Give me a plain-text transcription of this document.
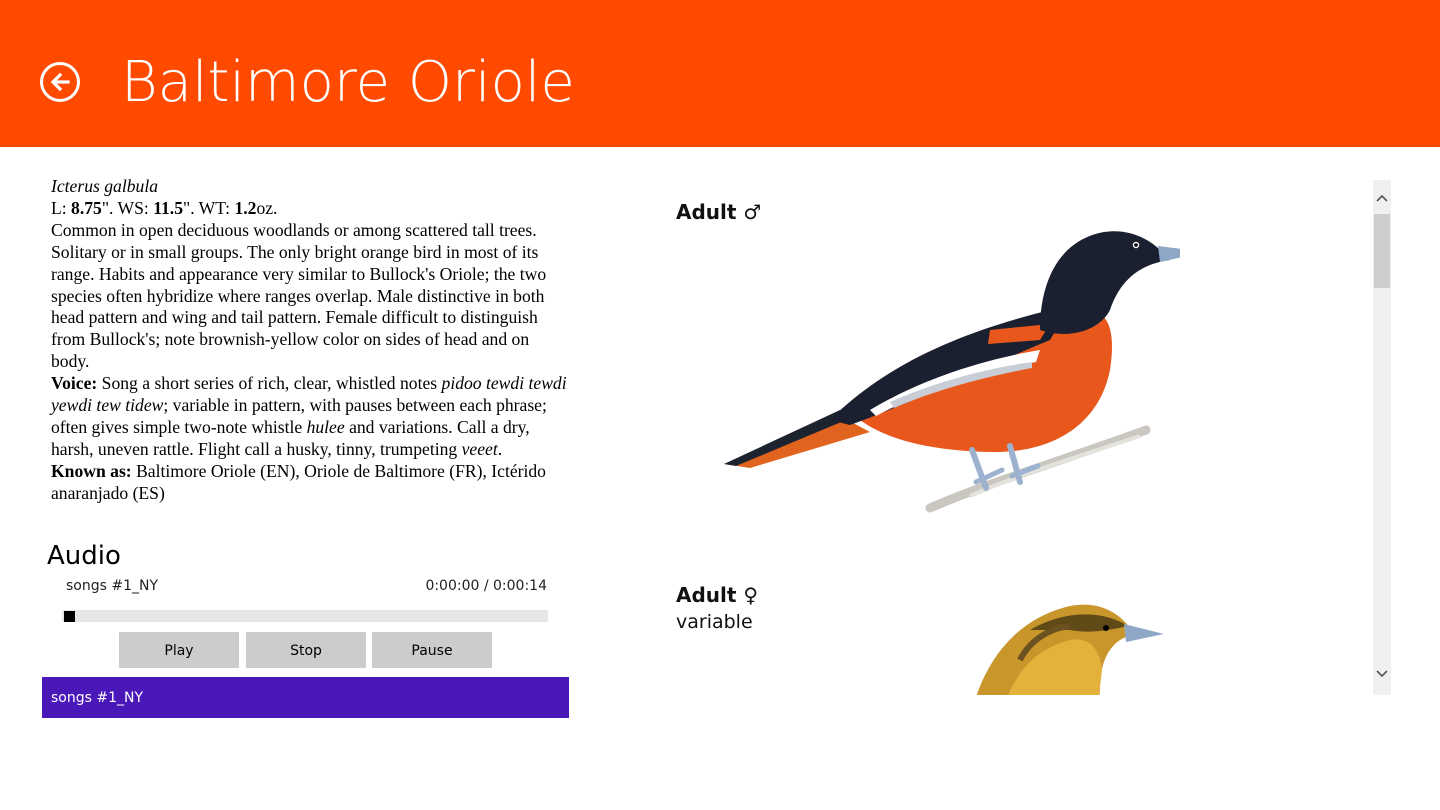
Baltimore Oriole

Icterus galbula

L: 8.75". WS: 11.5". WT: 1.2oz.

Common in open deciduous woodlands or among scattered tall trees. Solitary or in small groups. The only bright orange bird in most of its range. Habits and appearance very similar to Bullock's Oriole; the two species often hybridize where ranges overlap. Male distinctive in both head pattern and wing and tail pattern. Female difficult to distinguish from Bullock's; note brownish-yellow color on sides of head and on body.

Voice: Song a short series of rich, clear, whistled notes pidoo tewdi tewdi yewdi tew tidew; variable in pattern, with pauses between each phrase; often gives simple two-note whistle hulee and variations. Call a dry, harsh, uneven rattle. Flight call a husky, tinny, trumpeting veeet.

Known as: Baltimore Oriole (EN), Oriole de Baltimore (FR), Ictérido anaranjado (ES)

Audio
songs #1_NY	0:00:00 / 0:00:14
Play	Stop	Pause
songs #1_NY
Adult ♂
Adult ♀
variable
